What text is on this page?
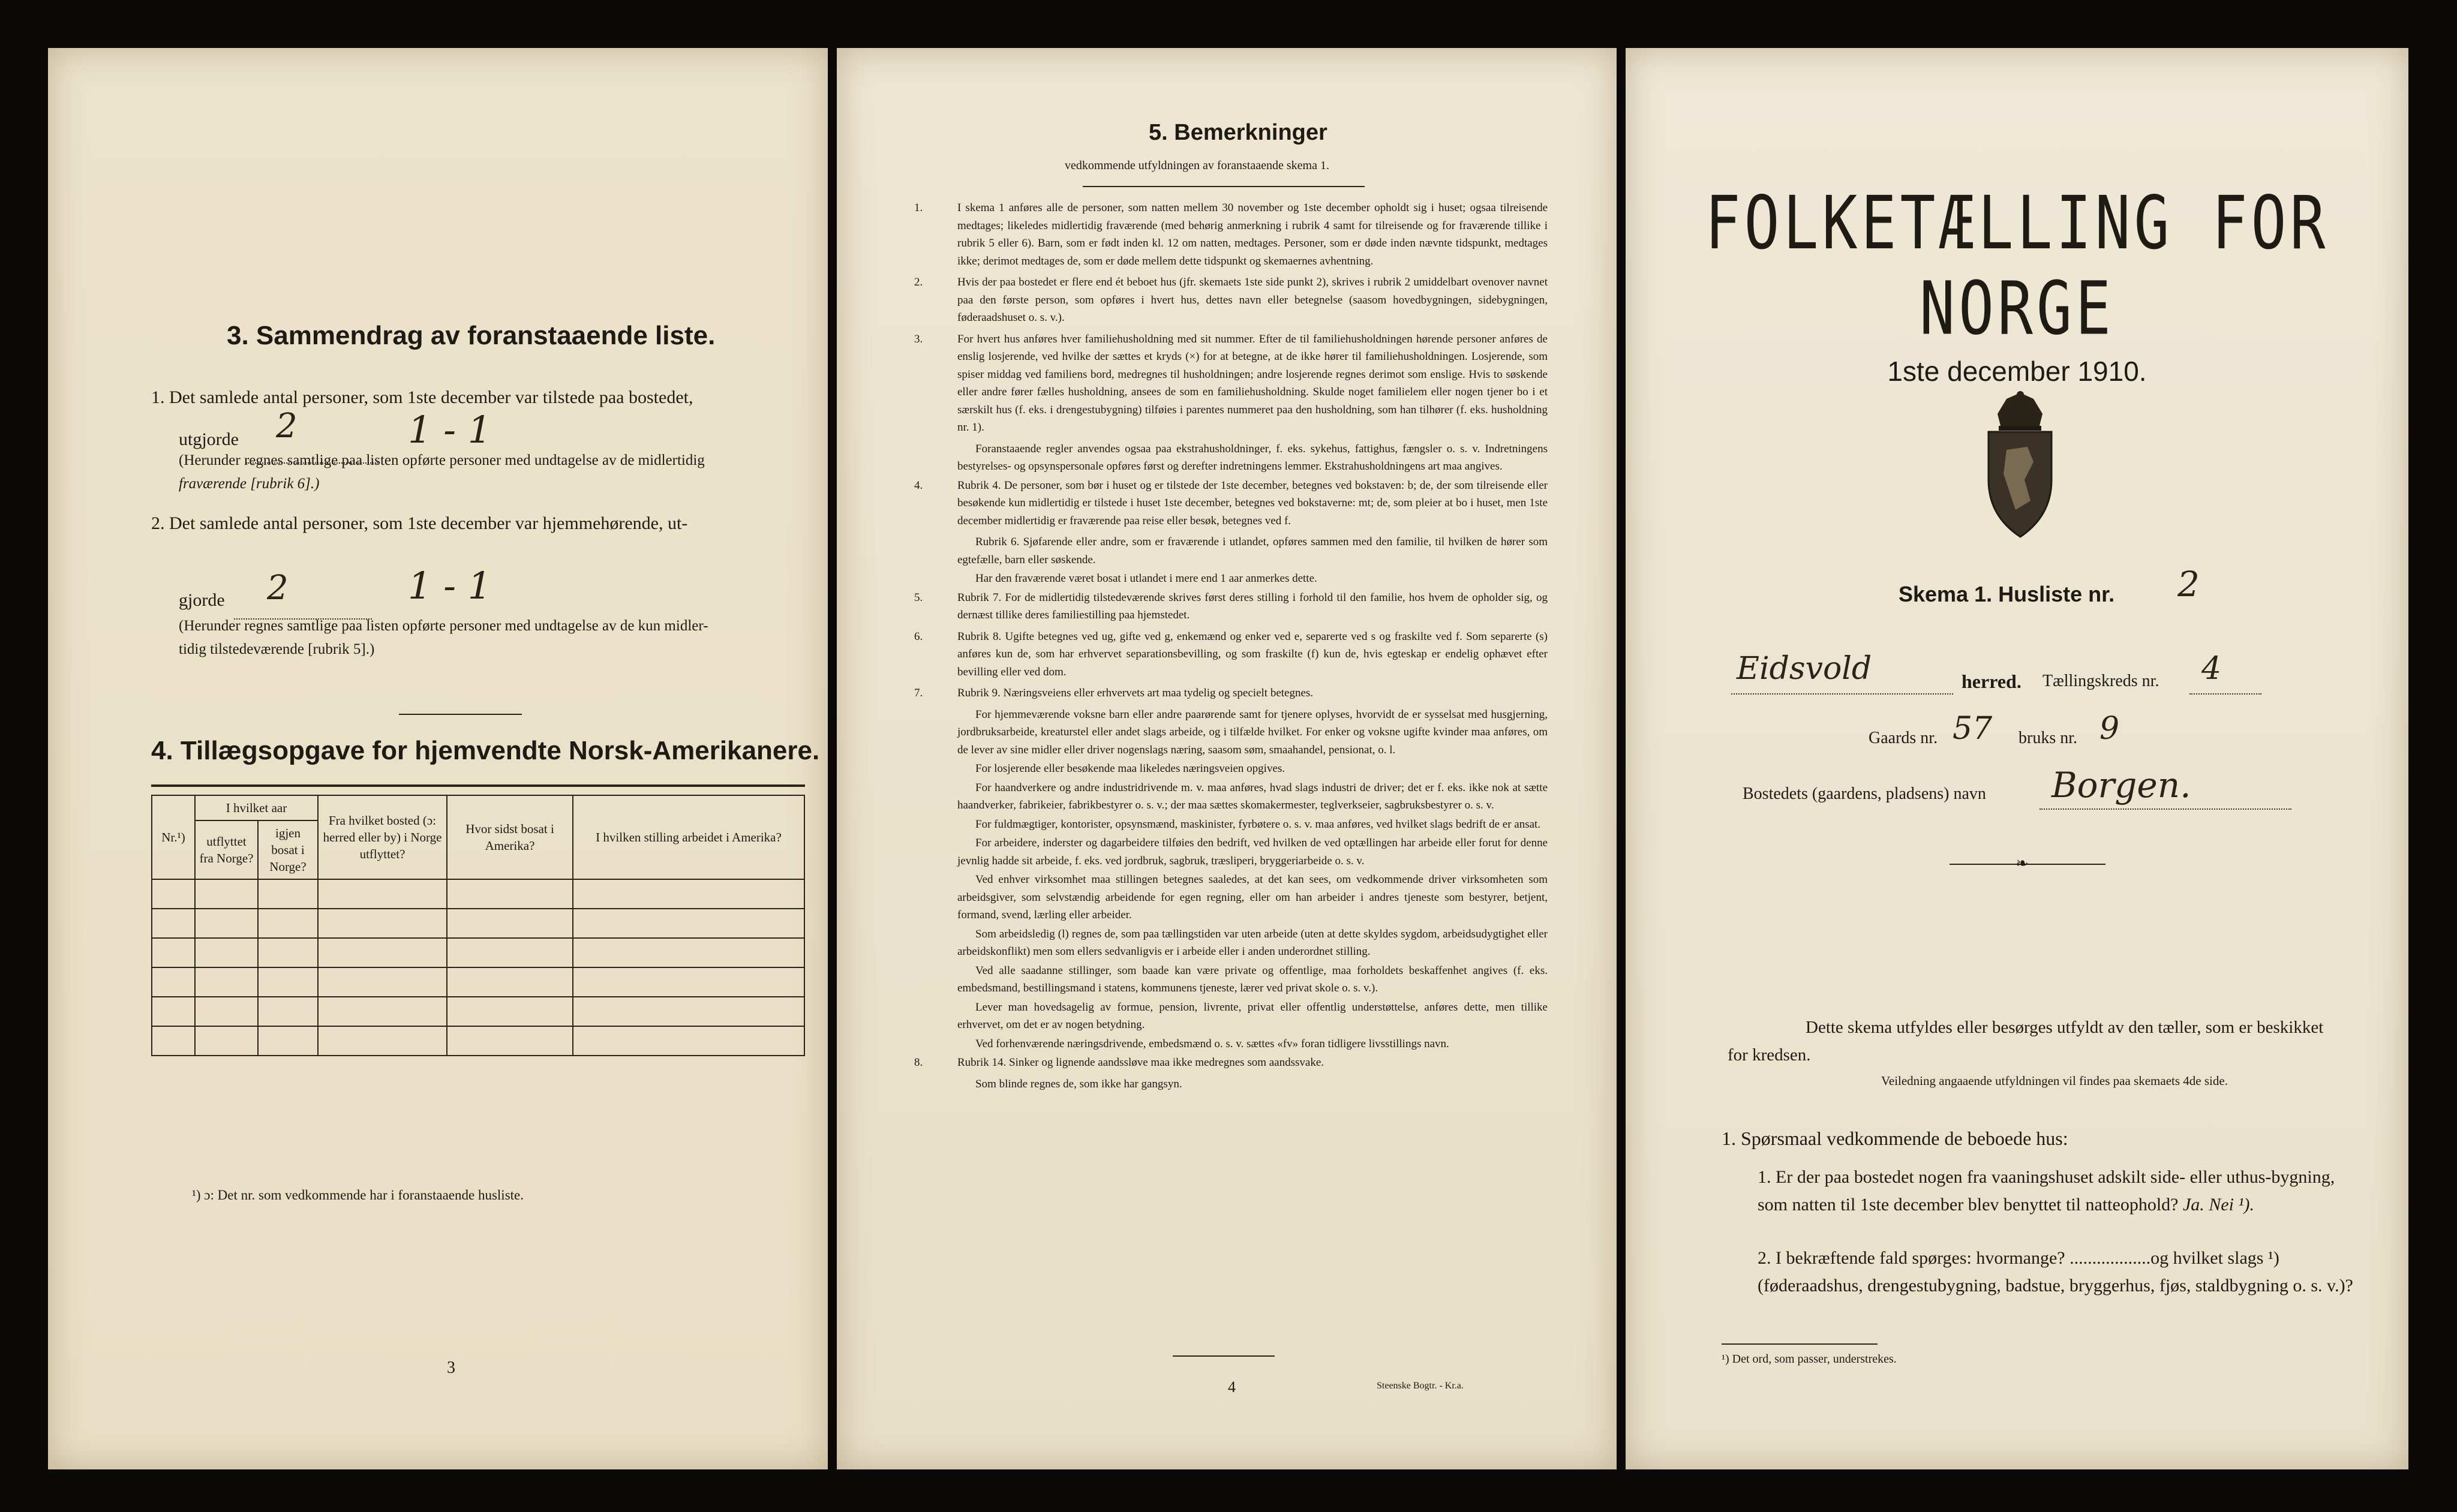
3. Sammendrag av foranstaaende liste.
1. Det samlede antal personer, som 1ste december var tilstede paa bostedet,
utgjorde 2	1 - 1
(Herunder regnes samtlige paa listen opførte personer med undtagelse av de midlertidig
fraværende [rubrik 6].)
2. Det samlede antal personer, som 1ste december var hjemmehørende, ut-
gjorde 2	1 - 1
(Herunder regnes samtlige paa listen opførte personer med undtagelse av de kun midler-
tidig tilstedeværende [rubrik 5].)
4. Tillægsopgave for hjemvendte Norsk-Amerikanere.
Nr.¹)	I hvilket aar		Fra hvilket bosted (ɔ: herred eller by) i Norge utflyttet?	Hvor sidst bosat i Amerika?	I hvilken stilling arbeidet i Amerika?
	utflyttet fra Norge?	igjen bosat i Norge?			

¹) ɔ: Det nr. som vedkommende har i foranstaaende husliste.
3
5. Bemerkninger
vedkommende utfyldningen av foranstaaende skema 1.
1.	I skema 1 anføres alle de personer, som natten mellem 30 november og 1ste december opholdt sig i huset; ogsaa tilreisende medtages; likeledes midlertidig fraværende (med behørig anmerkning i rubrik 4 samt for tilreisende og for fraværende tillike i rubrik 5 eller 6). Barn, som er født inden kl. 12 om natten, medtages. Personer, som er døde inden nævnte tidspunkt, medtages ikke; derimot medtages de, som er døde mellem dette tidspunkt og skemaernes avhentning.
2.	Hvis der paa bostedet er flere end ét beboet hus (jfr. skemaets 1ste side punkt 2), skrives i rubrik 2 umiddelbart ovenover navnet paa den første person, som opføres i hvert hus, dettes navn eller betegnelse (saasom hovedbygningen, sidebygningen, føderaadshuset o. s. v.).
3.	For hvert hus anføres hver familiehusholdning med sit nummer. Efter de til familiehusholdningen hørende personer anføres de enslig losjerende, ved hvilke der sættes et kryds (×) for at betegne, at de ikke hører til familiehusholdningen. Losjerende, som spiser middag ved familiens bord, medregnes til husholdningen; andre losjerende regnes derimot som enslige. Hvis to søskende eller andre fører fælles husholdning, ansees de som en familiehusholdning. Skulde noget familielem eller nogen tjener bo i et særskilt hus (f. eks. i drengestubygning) tilføies i parentes nummeret paa den husholdning, som han tilhører (f. eks. husholdning nr. 1).
Foranstaaende regler anvendes ogsaa paa ekstrahusholdninger, f. eks. sykehus, fattighus, fængsler o. s. v. Indretningens bestyrelses- og opsynspersonale opføres først og derefter indretningens lemmer. Ekstrahusholdningens art maa angives.
4.	Rubrik 4. De personer, som bør i huset og er tilstede der 1ste december, betegnes ved bokstaven: b; de, der som tilreisende eller besøkende kun midlertidig er tilstede i huset 1ste december, betegnes ved bokstaverne: mt; de, som pleier at bo i huset, men 1ste december midlertidig er fraværende paa reise eller besøk, betegnes ved f.
Rubrik 6. Sjøfarende eller andre, som er fraværende i utlandet, opføres sammen med den familie, til hvilken de hører som egtefælle, barn eller søskende.
Har den fraværende været bosat i utlandet i mere end 1 aar anmerkes dette.
5.	Rubrik 7. For de midlertidig tilstedeværende skrives først deres stilling i forhold til den familie, hos hvem de opholder sig, og dernæst tillike deres familiestilling paa hjemstedet.
6.	Rubrik 8. Ugifte betegnes ved ug, gifte ved g, enkemænd og enker ved e, separerte ved s og fraskilte ved f. Som separerte (s) anføres kun de, som har erhvervet separationsbevilling, og som fraskilte (f) kun de, hvis egteskap er endelig ophævet efter bevilling eller ved dom.
7.	Rubrik 9. Næringsveiens eller erhvervets art maa tydelig og specielt betegnes.
For hjemmeværende voksne barn eller andre paarørende samt for tjenere oplyses, hvorvidt de er sysselsat med husgjerning, jordbruksarbeide, kreaturstel eller andet slags arbeide, og i tilfælde hvilket. For enker og voksne ugifte kvinder maa anføres, om de lever av sine midler eller driver nogenslags næring, saasom søm, smaahandel, pensionat, o. l.
For losjerende eller besøkende maa likeledes næringsveien opgives.
For haandverkere og andre industridrivende m. v. maa anføres, hvad slags industri de driver; det er f. eks. ikke nok at sætte haandverker, fabrikeier, fabrikbestyrer o. s. v.; der maa sættes skomakermester, teglverkseier, sagbruksbestyrer o. s. v.
For fuldmægtiger, kontorister, opsynsmænd, maskinister, fyrbøtere o. s. v. maa anføres, ved hvilket slags bedrift de er ansat.
For arbeidere, inderster og dagarbeidere tilføies den bedrift, ved hvilken de ved optællingen har arbeide eller forut for denne jevnlig hadde sit arbeide, f. eks. ved jordbruk, sagbruk, træsliperi, bryggeriarbeide o. s. v.
Ved enhver virksomhet maa stillingen betegnes saaledes, at det kan sees, om vedkommende driver virksomheten som arbeidsgiver, som selvstændig arbeidende for egen regning, eller om han arbeider i andres tjeneste som bestyrer, betjent, formand, svend, lærling eller arbeider.
Som arbeidsledig (l) regnes de, som paa tællingstiden var uten arbeide (uten at dette skyldes sygdom, arbeidsudygtighet eller arbeidskonflikt) men som ellers sedvanligvis er i arbeide eller i anden underordnet stilling.
Ved alle saadanne stillinger, som baade kan være private og offentlige, maa forholdets beskaffenhet angives (f. eks. embedsmand, bestillingsmand i statens, kommunens tjeneste, lærer ved privat skole o. s. v.).
Lever man hovedsagelig av formue, pension, livrente, privat eller offentlig understøttelse, anføres dette, men tillike erhvervet, om det er av nogen betydning.
Ved forhenværende næringsdrivende, embedsmænd o. s. v. sættes «fv» foran tidligere livsstillings navn.
8.	Rubrik 14. Sinker og lignende aandssløve maa ikke medregnes som aandssvake.
Som blinde regnes de, som ikke har gangsyn.
4	Steenske Bogtr. - Kr.a.
FOLKETÆLLING FOR NORGE
1ste december 1910.
Skema 1. Husliste nr. 2
Eidsvold	herred. Tællingskreds nr. 4
Gaards nr. 57 bruks nr. 9
Bostedets (gaardens, pladsens) navn Borgen.
❧
Dette skema utfyldes eller besørges utfyldt av den tæller, som er beskikket for kredsen.
Veiledning angaaende utfyldningen vil findes paa skemaets 4de side.
1. Spørsmaal vedkommende de beboede hus:
1. Er der paa bostedet nogen fra vaaningshuset adskilt side- eller uthus-bygning, som natten til 1ste december blev benyttet til natteophold? Ja. Nei ¹).
2. I bekræftende fald spørges: hvormange? ..................og hvilket slags ¹) (føderaadshus, drengestubygning, badstue, bryggerhus, fjøs, staldbygning o. s. v.)?
¹) Det ord, som passer, understrekes.
